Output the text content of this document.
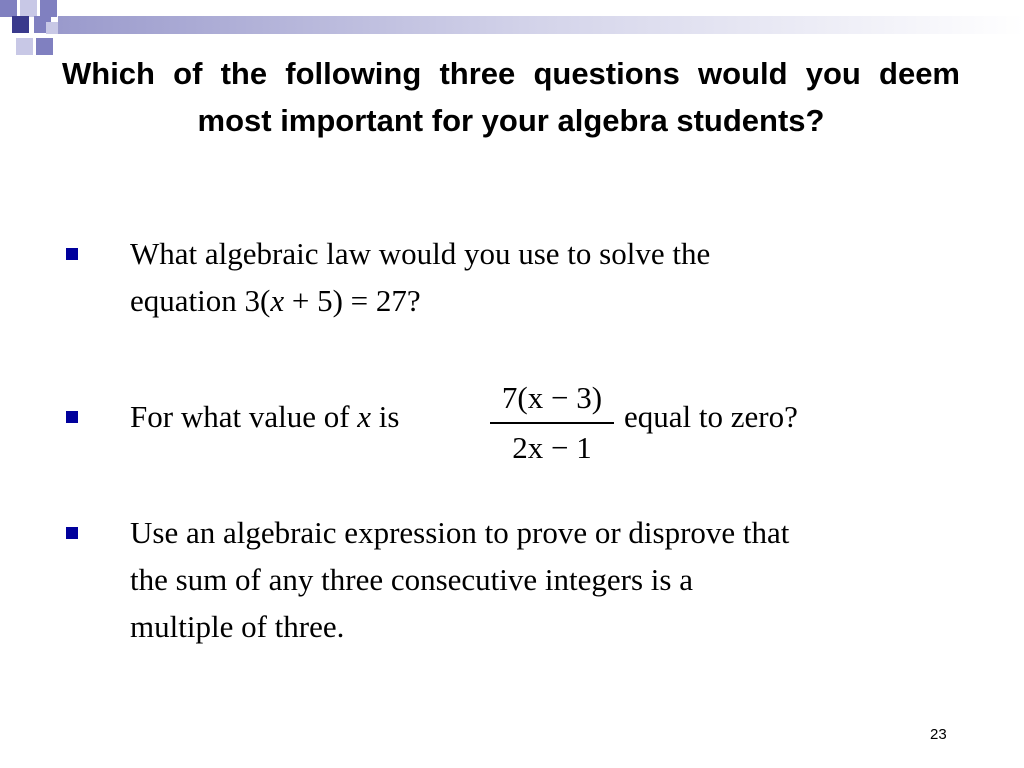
Which of the following three questions would you deem most important for your algebra students?
What algebraic law would you use to solve the
equation 3(x + 5) = 27?
For what value of x is
7(x − 3)
2x − 1
equal to zero?
Use an algebraic expression to prove or disprove that
the sum of any three consecutive integers is a
multiple of three.
23
